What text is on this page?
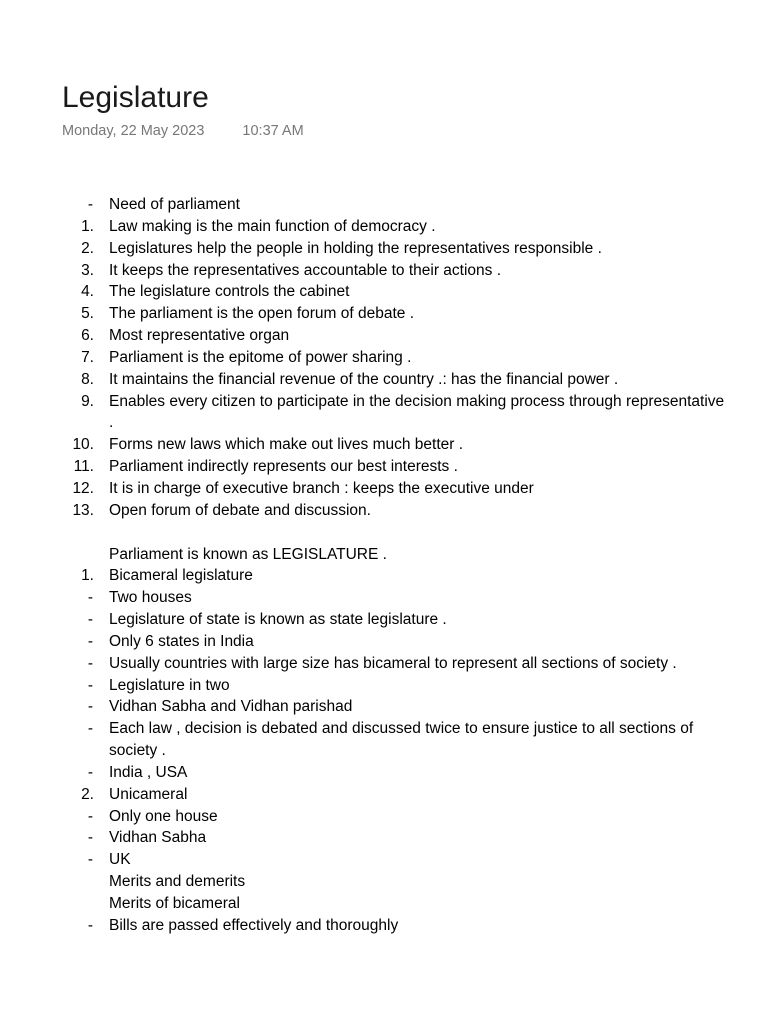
Legislature
Monday, 22 May 2023	10:37 AM
- Need of parliament
1. Law making is the main function of democracy .
2. Legislatures help the people in holding the representatives responsible .
3. It keeps the representatives accountable to their actions .
4. The legislature controls the cabinet
5. The parliament is the open forum of debate .
6. Most representative organ
7. Parliament is the epitome of power sharing .
8. It maintains the financial revenue of the country .: has the financial power .
9. Enables every citizen to participate in the decision making process through representative .
10. Forms new laws which make out lives much better .
11. Parliament indirectly represents our best interests .
12. It is in charge of executive branch : keeps the executive under
13. Open forum of debate and discussion.
Parliament is known as LEGISLATURE .
1. Bicameral legislature
- Two houses
- Legislature of state is known as state legislature .
- Only 6 states in India
- Usually countries with large size has bicameral to represent all sections of society .
- Legislature in two
- Vidhan Sabha and Vidhan parishad
- Each law , decision is debated and discussed twice to ensure justice to all sections of society .
- India , USA
2. Unicameral
- Only one house
- Vidhan Sabha
- UK
Merits and demerits
Merits of bicameral
- Bills are passed effectively and thoroughly
